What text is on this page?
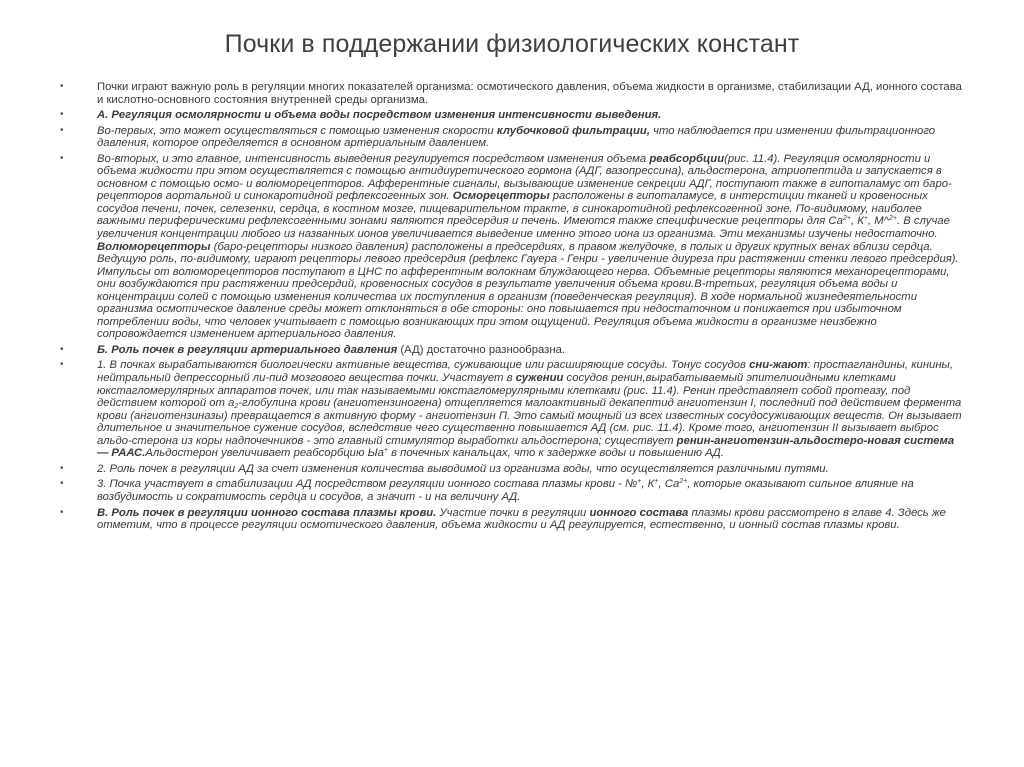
Почки в поддержании физиологических констант
•	Почки играют важную роль в регуляции многих показателей организма: осмотического давления, объема жидкости в организме, стабилизации АД, ионного состава и кислотно-основного состояния внутренней среды организма.
•	А. Регуляция осмолярности и объема воды посредством изменения интенсивности выведения.
•	Во-первых, это может осуществляться с помощью изменения скорости клубочковой фильтрации, что наблюдается при изменении фильтрационного давления, которое определяется в основном артериальным давлением.
•	Во-вторых, и это главное, интенсивность выведения регулируется посредством изменения объема реабсорбции(рис. 11.4). Регуляция осмолярности и объема жидкости при этом осуществляется с помощью антидиуретического гормона (АДГ, вазопрессина), альдостерона, атриопептида и запускается в основном с помощью осмо- и волюморецепторов. Афферентные сигналы, вызывающие изменение секреции АДГ, поступают также в гипоталамус от баро-рецепторов аортальной и синокаротидной рефлексогенных зон. Осморецепторы расположены в гипоталамусе, в интерстиции тканей и кровеносных сосудов печени, почек, селезенки, сердца, в костном мозге, пищеварительном тракте, в синокаротидной рефлексогенной зоне. По-видимому, наиболее важными периферическими рефлексогенными зонами являются предсердия и печень. Имеются также специфические рецепторы для $Са^{2+}$, К+, М^$^{2+}$. В случае увеличения концентрации любого из названных ионов увеличивается выведение именно этого иона из организма. Эти механизмы изучены недостаточно. Волюморецепторы (баро-рецепторы низкого давления) расположены в предсердиях, в правом желудочке, в полых и других крупных венах вблизи сердца. Ведущую роль, по-видимому, играют рецепторы левого предсердия (рефлекс Гауера - Генри - увеличение диуреза при растяжении стенки левого предсердия). Импульсы от волюморецепторов поступают в ЦНС по афферентным волокнам блуждающего нерва. Объемные рецепторы являются механорецепторами, они возбуждаются при растяжении предсердий, кровеносных сосудов в результате увеличения объема крови.В-третьих, регуляция объема воды и концентрации солей с помощью изменения количества их поступления в организм (поведенческая регуляция). В ходе нормальной жизнедеятельности организма осмотическое давление среды может отклоняться в обе стороны: оно повышается при недостаточном и понижается при избыточном потреблении воды, что человек учитывает с помощью возникающих при этом ощущений. Регуляция объема жидкости в организме неизбежно сопровождается изменением артериального давления.
•	Б. Роль почек в регуляции артериального давления (АД) достаточно разнообразна.
•	1. В почках вырабатываются биологически активные вещества, суживающие или расширяющие сосуды. Тонус сосудов сни-жают: простагландины, кинины, нейтральный депрессорный ли-пид мозгового вещества почки. Участвует в сужении сосудов ренин,вырабатываемый эпителиоидными клетками юкстагломерулярных аппаратов почек, или так называемыми юкстагломерулярными клетками (рис. 11.4). Ренин представляет собой протеазу, под действием которой от $а_2$-глобулина крови (ангиотензиногена) отщепляется малоактивный декапептид ангиотензин I, последний под действием фермента крови (ангиотензиназы) превращается в активную форму - ангиотензин П. Это самый мощный из всех известных сосудосуживающих веществ. Он вызывает длительное и значительное сужение сосудов, вследствие чего существенно повышается АД (см. рис. 11.4). Кроме того, ангиотензин II вызывает выброс альдо-стерона из коры надпочечников - это главный стимулятор выработки альдостерона; существует ренин-ангиотензин-альдостеро-новая система — РААС.Альдостерон увеличивает реабсорбцию Ыа+ в почечных канальцах, что к задержке воды и повышению АД.
•	2. Роль почек в регуляции АД за счет изменения количества выводимой из организма воды, что осуществляется различными путями.
•	3. Почка участвует в стабилизации АД посредством регуляции ионного состава плазмы крови - №+, К+, $Са^{2+}$, которые оказывают сильное влияние на возбудимость и сократимость сердца и сосудов, а значит - и на величину АД.
•	В. Роль почек в регуляции ионного состава плазмы крови. Участие почки в регуляции ионного состава плазмы крови рассмотрено в главе 4. Здесь же отметим, что в процессе регуляции осмотического давления, объема жидкости и АД регулируется, естественно, и ионный состав плазмы крови.
